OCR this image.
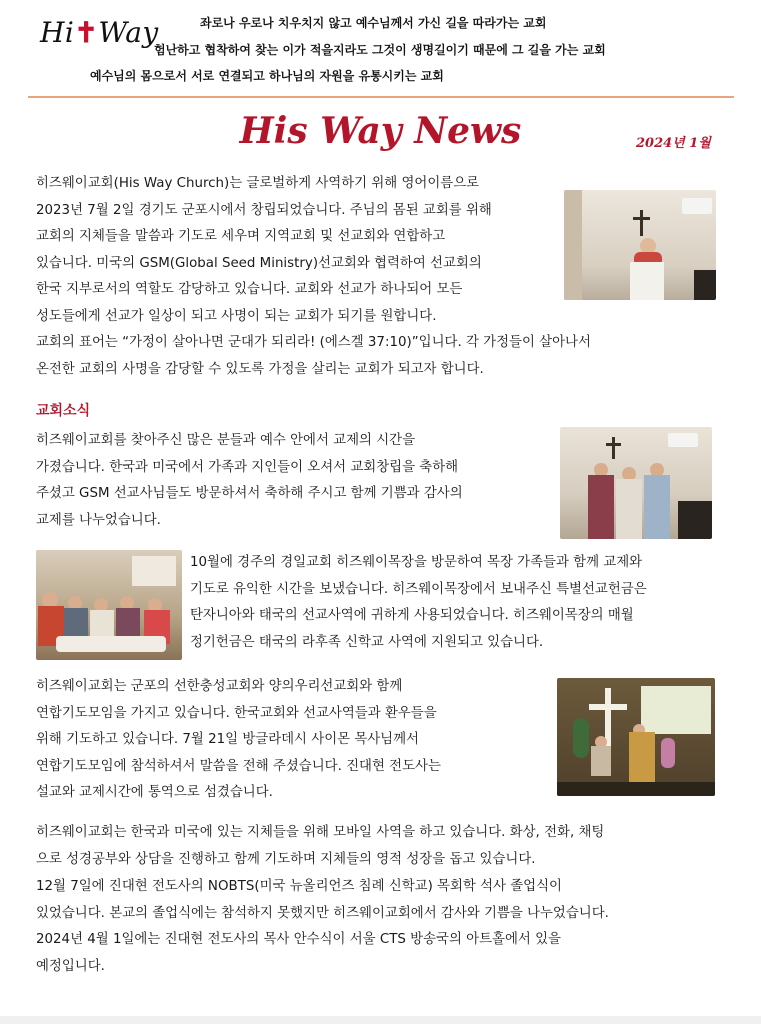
Hi✝Way	좌로나 우로나 치우치지 않고 예수님께서 가신 길을 따라가는 교회
험난하고 협착하여 찾는 이가 적을지라도 그것이 생명길이기 때문에 그 길을 가는 교회
예수님의 몸으로서 서로 연결되고 하나님의 자원을 유통시키는 교회
His Way News	2024년 1월
히즈웨이교회(His Way Church)는 글로벌하게 사역하기 위해 영어이름으로
2023년 7월 2일 경기도 군포시에서 창립되었습니다. 주님의 몸된 교회를 위해
교회의 지체들을 말씀과 기도로 세우며 지역교회 및 선교회와 연합하고
있습니다. 미국의 GSM(Global Seed Ministry)선교회와 협력하여 선교회의
한국 지부로서의 역할도 감당하고 있습니다. 교회와 선교가 하나되어 모든
성도들에게 선교가 일상이 되고 사명이 되는 교회가 되기를 원합니다.
교회의 표어는 “가정이 살아나면 군대가 되리라! (에스겔 37:10)”입니다. 각 가정들이 살아나서
온전한 교회의 사명을 감당할 수 있도록 가정을 살리는 교회가 되고자 합니다.
교회소식
히즈웨이교회를 찾아주신 많은 분들과 예수 안에서 교제의 시간을
가졌습니다. 한국과 미국에서 가족과 지인들이 오셔서 교회창립을 축하해
주셨고 GSM 선교사님들도 방문하셔서 축하해 주시고 함께 기쁨과 감사의
교제를 나누었습니다.
10월에 경주의 경일교회 히즈웨이목장을 방문하여 목장 가족들과 함께 교제와
기도로 유익한 시간을 보냈습니다. 히즈웨이목장에서 보내주신 특별선교헌금은
탄자니아와 태국의 선교사역에 귀하게 사용되었습니다. 히즈웨이목장의 매월
정기헌금은 태국의 라후족 신학교 사역에 지원되고 있습니다.
히즈웨이교회는 군포의 선한충성교회와 양의우리선교회와 함께
연합기도모임을 가지고 있습니다. 한국교회와 선교사역들과 환우들을
위해 기도하고 있습니다. 7월 21일 방글라데시 사이몬 목사님께서
연합기도모임에 참석하셔서 말씀을 전해 주셨습니다. 진대현 전도사는
설교와 교제시간에 통역으로 섬겼습니다.
히즈웨이교회는 한국과 미국에 있는 지체들을 위해 모바일 사역을 하고 있습니다. 화상, 전화, 채팅
으로 성경공부와 상담을 진행하고 함께 기도하며 지체들의 영적 성장을 돕고 있습니다.
12월 7일에 진대현 전도사의 NOBTS(미국 뉴올리언즈 침례 신학교) 목회학 석사 졸업식이
있었습니다. 본교의 졸업식에는 참석하지 못했지만 히즈웨이교회에서 감사와 기쁨을 나누었습니다.
2024년 4월 1일에는 진대현 전도사의 목사 안수식이 서울 CTS 방송국의 아트홀에서 있을
예정입니다.
